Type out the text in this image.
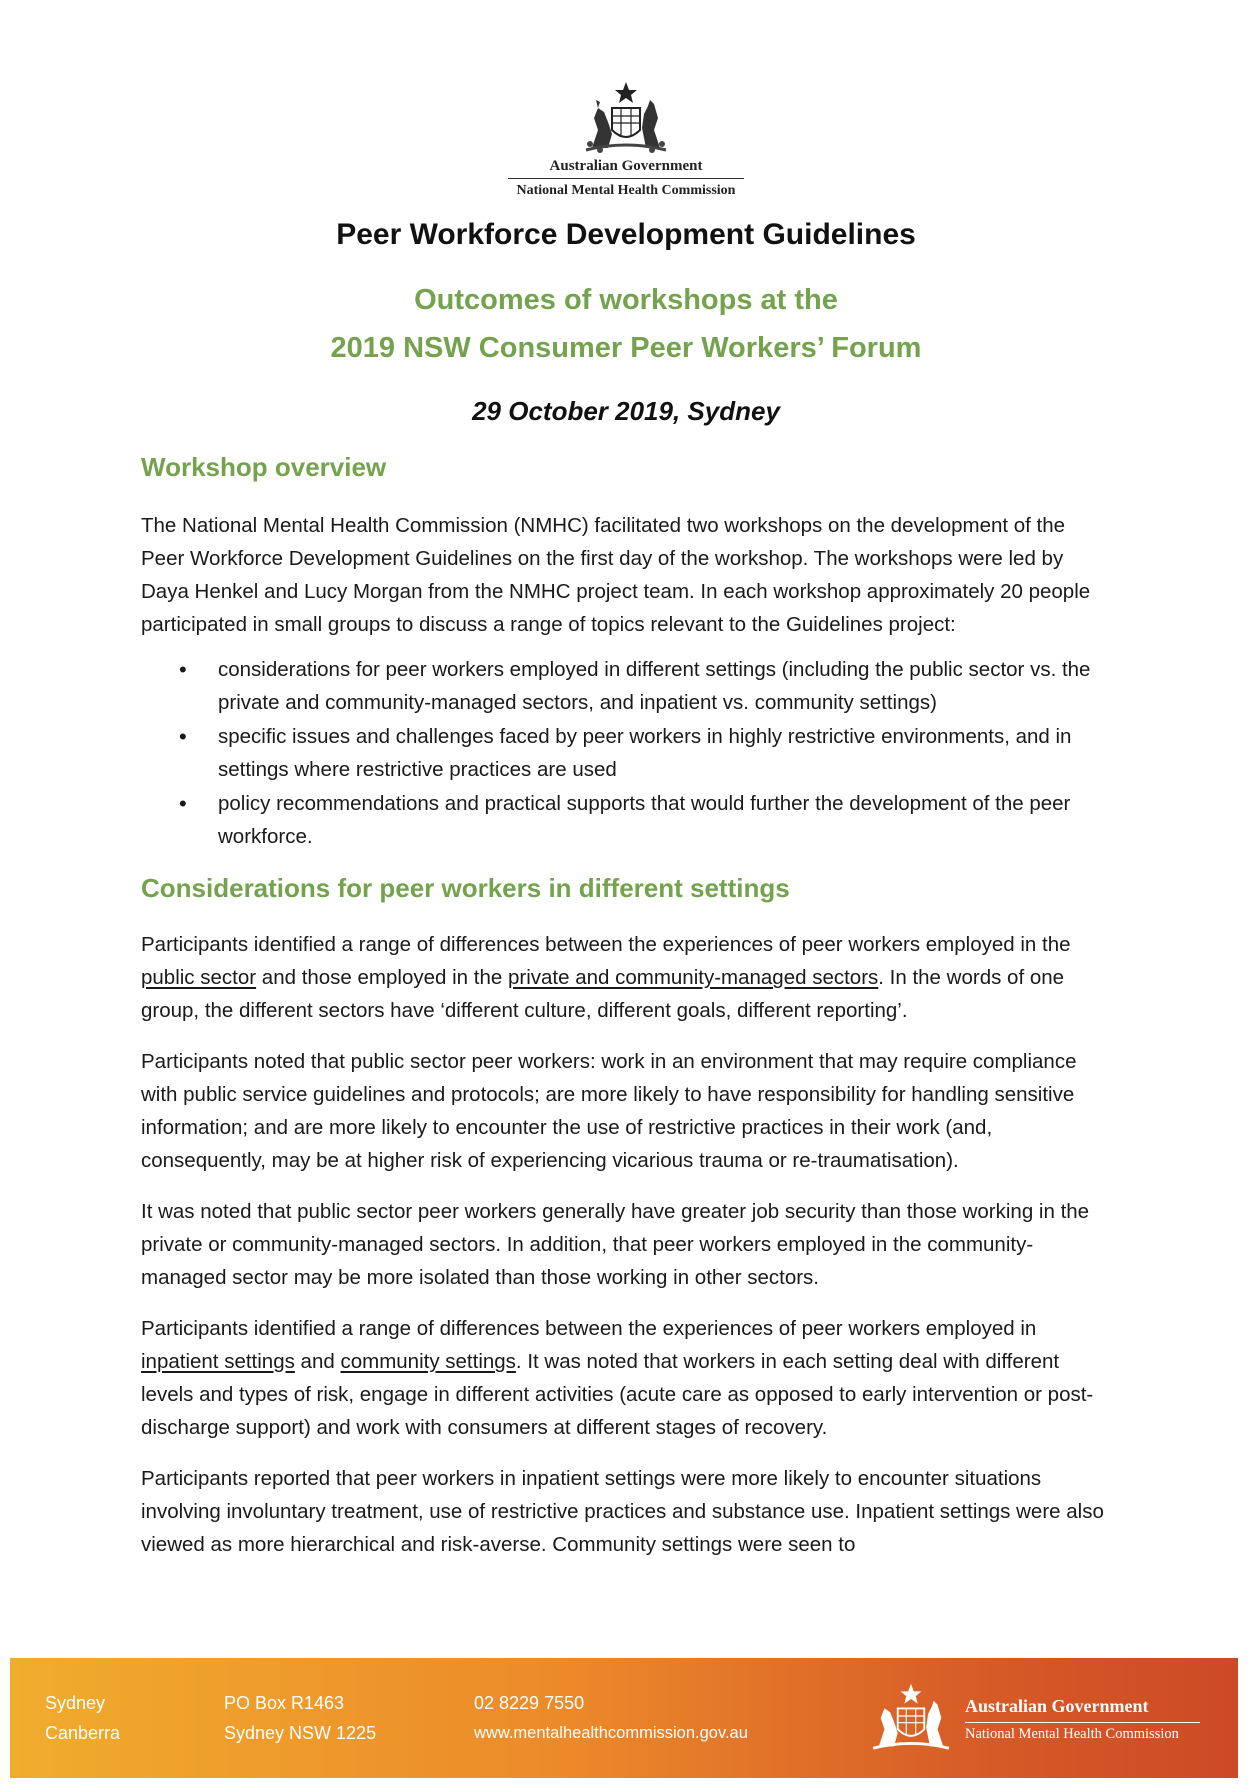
Australian Government
National Mental Health Commission
Peer Workforce Development Guidelines
Outcomes of workshops at the
2019 NSW Consumer Peer Workers’ Forum
29 October 2019, Sydney
Workshop overview

The National Mental Health Commission (NMHC) facilitated two workshops on the development of the Peer Workforce Development Guidelines on the first day of the workshop. The workshops were led by Daya Henkel and Lucy Morgan from the NMHC project team. In each workshop approximately 20 people participated in small groups to discuss a range of topics relevant to the Guidelines project:

• considerations for peer workers employed in different settings (including the public sector vs. the private and community-managed sectors, and inpatient vs. community settings)
• specific issues and challenges faced by peer workers in highly restrictive environments, and in settings where restrictive practices are used
• policy recommendations and practical supports that would further the development of the peer workforce.
Considerations for peer workers in different settings

Participants identified a range of differences between the experiences of peer workers employed in the public sector and those employed in the private and community-managed sectors. In the words of one group, the different sectors have ‘different culture, different goals, different reporting’.

Participants noted that public sector peer workers: work in an environment that may require compliance with public service guidelines and protocols; are more likely to have responsibility for handling sensitive information; and are more likely to encounter the use of restrictive practices in their work (and, consequently, may be at higher risk of experiencing vicarious trauma or re-traumatisation).

It was noted that public sector peer workers generally have greater job security than those working in the private or community-managed sectors. In addition, that peer workers employed in the community-managed sector may be more isolated than those working in other sectors.

Participants identified a range of differences between the experiences of peer workers employed in inpatient settings and community settings. It was noted that workers in each setting deal with different levels and types of risk, engage in different activities (acute care as opposed to early intervention or post-discharge support) and work with consumers at different stages of recovery.

Participants reported that peer workers in inpatient settings were more likely to encounter situations involving involuntary treatment, use of restrictive practices and substance use. Inpatient settings were also viewed as more hierarchical and risk-averse. Community settings were seen to

Sydney
Canberra
PO Box R1463
Sydney NSW 1225
02 8229 7550
www.mentalhealthcommission.gov.au
Australian Government
National Mental Health Commission
